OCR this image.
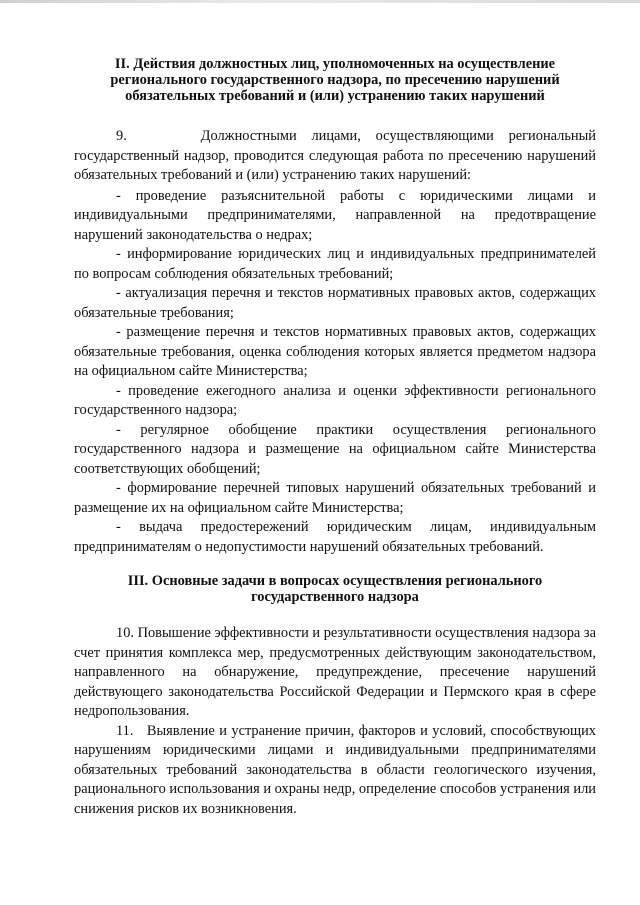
II. Действия должностных лиц, уполномоченных на осуществление регионального государственного надзора, по пресечению нарушений обязательных требований и (или) устранению таких нарушений

9.     Должностными лицами, осуществляющими региональный государственный надзор, проводится следующая работа по пресечению нарушений обязательных требований и (или) устранению таких нарушений:

- проведение разъяснительной работы с юридическими лицами и индивидуальными предпринимателями, направленной на предотвращение нарушений законодательства о недрах;

- информирование юридических лиц и индивидуальных предпринимателей по вопросам соблюдения обязательных требований;

- актуализация перечня и текстов нормативных правовых актов, содержащих обязательные требования;

- размещение перечня и текстов нормативных правовых актов, содержащих обязательные требования, оценка соблюдения которых является предметом надзора на официальном сайте Министерства;

- проведение ежегодного анализа и оценки эффективности регионального государственного надзора;

- регулярное обобщение практики осуществления регионального государственного надзора и размещение на официальном сайте Министерства соответствующих обобщений;

- формирование перечней типовых нарушений обязательных требований и размещение их на официальном сайте Министерства;

- выдача предостережений юридическим лицам, индивидуальным предпринимателям о недопустимости нарушений обязательных требований.

III. Основные задачи в вопросах осуществления регионального государственного надзора

10. Повышение эффективности и результативности осуществления надзора за счет принятия комплекса мер, предусмотренных действующим законодательством, направленного на обнаружение, предупреждение, пресечение нарушений действующего законодательства Российской Федерации и Пермского края в сфере недропользования.

11.   Выявление и устранение причин, факторов и условий, способствующих нарушениям юридическими лицами и индивидуальными предпринимателями обязательных требований законодательства в области геологического изучения, рационального использования и охраны недр, определение способов устранения или снижения рисков их возникновения.
